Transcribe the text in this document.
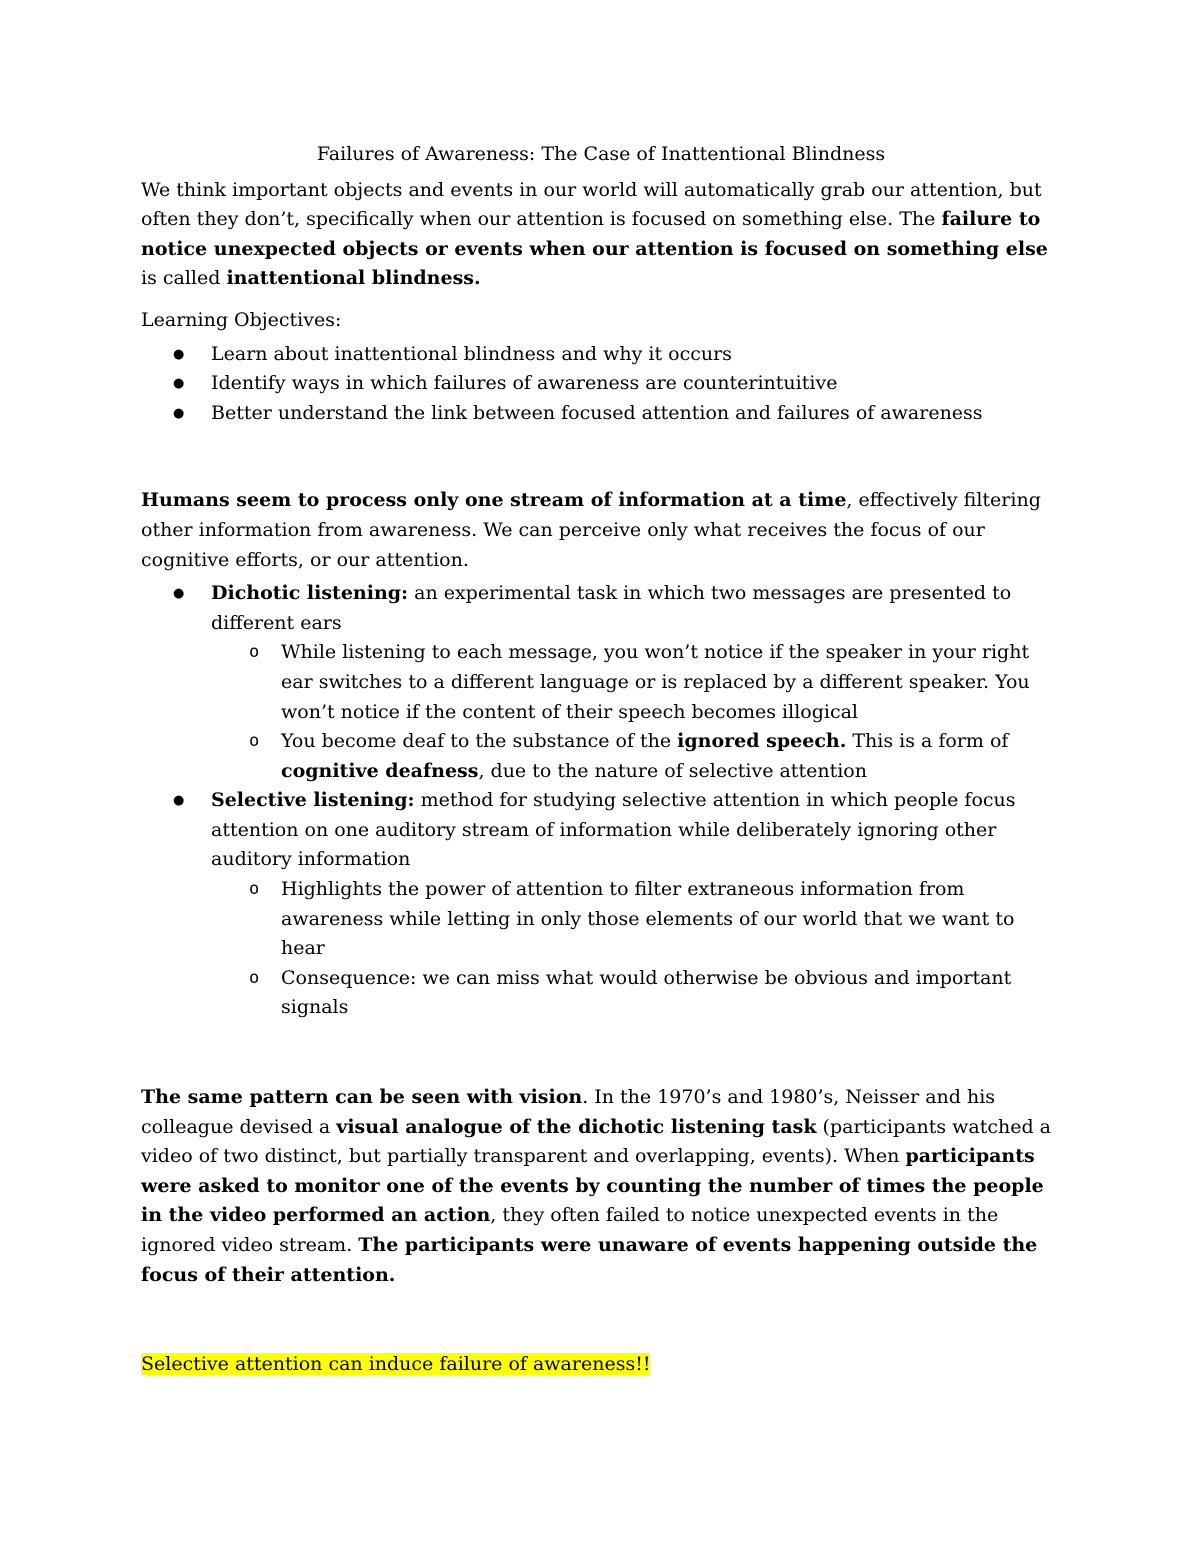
Failures of Awareness: The Case of Inattentional Blindness

We think important objects and events in our world will automatically grab our attention, but often they don’t, specifically when our attention is focused on something else. The failure to notice unexpected objects or events when our attention is focused on something else is called inattentional blindness.

Learning Objectives:

● Learn about inattentional blindness and why it occurs
● Identify ways in which failures of awareness are counterintuitive
● Better understand the link between focused attention and failures of awareness

Humans seem to process only one stream of information at a time, effectively filtering other information from awareness. We can perceive only what receives the focus of our cognitive efforts, or our attention.

● Dichotic listening: an experimental task in which two messages are presented to different ears
o While listening to each message, you won’t notice if the speaker in your right ear switches to a different language or is replaced by a different speaker. You won’t notice if the content of their speech becomes illogical
o You become deaf to the substance of the ignored speech. This is a form of cognitive deafness, due to the nature of selective attention
● Selective listening: method for studying selective attention in which people focus attention on one auditory stream of information while deliberately ignoring other auditory information
o Highlights the power of attention to filter extraneous information from awareness while letting in only those elements of our world that we want to hear
o Consequence: we can miss what would otherwise be obvious and important signals

The same pattern can be seen with vision. In the 1970’s and 1980’s, Neisser and his colleague devised a visual analogue of the dichotic listening task (participants watched a video of two distinct, but partially transparent and overlapping, events). When participants were asked to monitor one of the events by counting the number of times the people in the video performed an action, they often failed to notice unexpected events in the ignored video stream. The participants were unaware of events happening outside the focus of their attention.

Selective attention can induce failure of awareness!!
